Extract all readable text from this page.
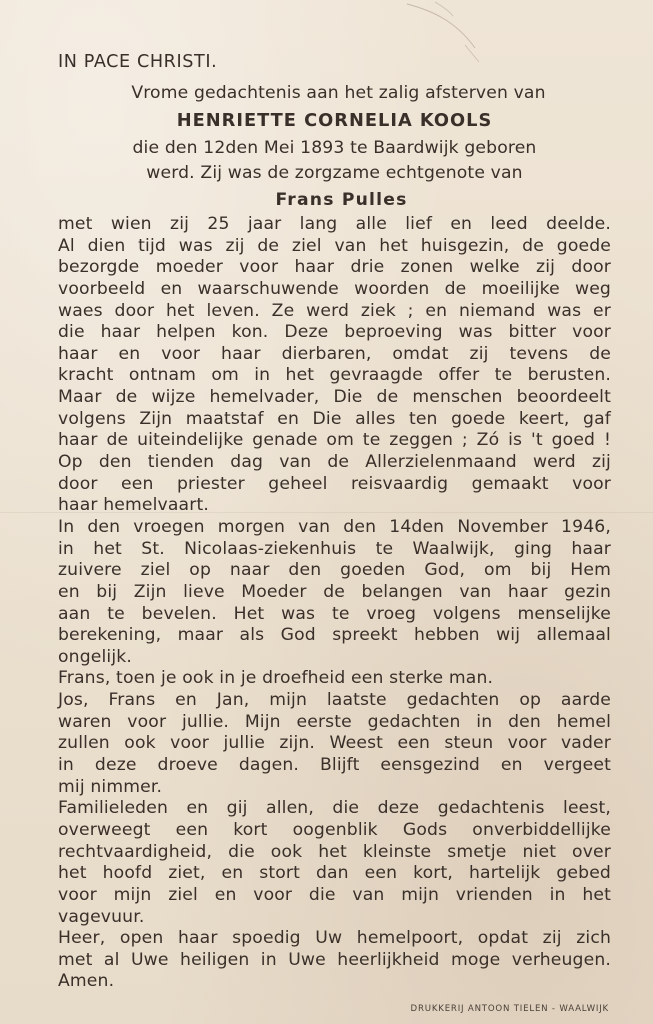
IN PACE CHRISTI.
Vrome gedachtenis aan het zalig afsterven van
HENRIETTE CORNELIA KOOLS
die den 12den Mei 1893 te Baardwijk geboren
werd. Zij was de zorgzame echtgenote van
Frans Pulles
met wien zij 25 jaar lang alle lief en leed deelde.
Al dien tijd was zij de ziel van het huisgezin, de goede
bezorgde moeder voor haar drie zonen welke zij door
voorbeeld en waarschuwende woorden de moeilijke weg
waes door het leven. Ze werd ziek ; en niemand was er
die haar helpen kon. Deze beproeving was bitter voor
haar en voor haar dierbaren, omdat zij tevens de
kracht ontnam om in het gevraagde offer te berusten.
Maar de wijze hemelvader, Die de menschen beoordeelt
volgens Zijn maatstaf en Die alles ten goede keert, gaf
haar de uiteindelijke genade om te zeggen ; Zó is 't goed !
Op den tienden dag van de Allerzielenmaand werd zij
door een priester geheel reisvaardig gemaakt voor
haar hemelvaart.
In den vroegen morgen van den 14den November 1946,
in het St. Nicolaas-ziekenhuis te Waalwijk, ging haar
zuivere ziel op naar den goeden God, om bij Hem
en bij Zijn lieve Moeder de belangen van haar gezin
aan te bevelen. Het was te vroeg volgens menselijke
berekening, maar als God spreekt hebben wij allemaal
ongelijk.
Frans, toen je ook in je droefheid een sterke man.
Jos, Frans en Jan, mijn laatste gedachten op aarde
waren voor jullie. Mijn eerste gedachten in den hemel
zullen ook voor jullie zijn. Weest een steun voor vader
in deze droeve dagen. Blijft eensgezind en vergeet
mij nimmer.
Familieleden en gij allen, die deze gedachtenis leest,
overweegt een kort oogenblik Gods onverbiddellijke
rechtvaardigheid, die ook het kleinste smetje niet over
het hoofd ziet, en stort dan een kort, hartelijk gebed
voor mijn ziel en voor die van mijn vrienden in het
vagevuur.
Heer, open haar spoedig Uw hemelpoort, opdat zij zich
met al Uwe heiligen in Uwe heerlijkheid moge verheugen.
Amen.
DRUKKERIJ ANTOON TIELEN - WAALWIJK
